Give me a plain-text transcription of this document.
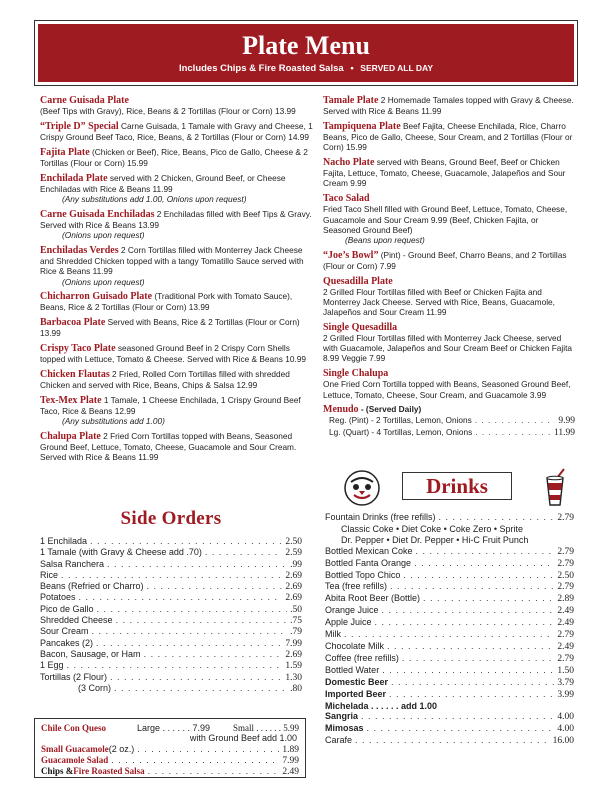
Plate Menu
Includes Chips & Fire Roasted Salsa • SERVED ALL DAY
Carne Guisada Plate
(Beef Tips with Gravy), Rice, Beans & 2 Tortillas (Flour or Corn) 13.99
“Triple D” Special Carne Guisada, 1 Tamale with Gravy and Cheese, 1 Crispy Ground Beef Taco, Rice, Beans, & 2 Tortillas (Flour or Corn) 14.99
Fajita Plate (Chicken or Beef), Rice, Beans, Pico de Gallo, Cheese & 2 Tortillas (Flour or Corn) 15.99
Enchilada Plate served with 2 Chicken, Ground Beef, or Cheese Enchiladas with Rice & Beans 11.99
(Any substitutions add 1.00, Onions upon request)
Carne Guisada Enchiladas 2 Enchiladas filled with Beef Tips & Gravy. Served with Rice & Beans 13.99
(Onions upon request)
Enchiladas Verdes 2 Corn Tortillas filled with Monterrey Jack Cheese and Shredded Chicken topped with a tangy Tomatillo Sauce served with Rice & Beans 11.99
(Onions upon request)
Chicharron Guisado Plate (Traditional Pork with Tomato Sauce), Beans, Rice & 2 Tortillas (Flour or Corn) 13.99
Barbacoa Plate Served with Beans, Rice & 2 Tortillas (Flour or Corn) 13.99
Crispy Taco Plate seasoned Ground Beef in 2 Crispy Corn Shells topped with Lettuce, Tomato & Cheese. Served with Rice & Beans 10.99
Chicken Flautas 2 Fried, Rolled Corn Tortillas filled with shredded Chicken and served with Rice, Beans, Chips & Salsa 12.99
Tex-Mex Plate 1 Tamale, 1 Cheese Enchilada, 1 Crispy Ground Beef Taco, Rice & Beans 12.99
(Any substitutions add 1.00)
Chalupa Plate 2 Fried Corn Tortillas topped with Beans, Seasoned Ground Beef, Lettuce, Tomato, Cheese, Guacamole and Sour Cream. Served with Rice & Beans 11.99
Tamale Plate 2 Homemade Tamales topped with Gravy & Cheese. Served with Rice & Beans 11.99
Tampiquena Plate Beef Fajita, Cheese Enchilada, Rice, Charro Beans, Pico de Gallo, Cheese, Sour Cream, and 2 Tortillas (Flour or Corn) 15.99
Nacho Plate served with Beans, Ground Beef, Beef or Chicken Fajita, Lettuce, Tomato, Cheese, Guacamole, Jalapeños and Sour Cream 9.99
Taco Salad
Fried Taco Shell filled with Ground Beef, Lettuce, Tomato, Cheese, Guacamole and Sour Cream 9.99 (Beef, Chicken Fajita, or Seasoned Ground Beef)
(Beans upon request)
“Joe’s Bowl” (Pint) - Ground Beef, Charro Beans, and 2 Tortillas (Flour or Corn) 7.99
Quesadilla Plate
2 Grilled Flour Tortillas filled with Beef or Chicken Fajita and Monterrey Jack Cheese. Served with Rice, Beans, Guacamole, Jalapeños and Sour Cream 11.99
Single Quesadilla
2 Grilled Flour Tortillas filled with Monterrey Jack Cheese, served with Guacamole, Jalapeños and Sour Cream Beef or Chicken Fajita 8.99 Veggie 7.99
Single Chalupa
One Fried Corn Tortilla topped with Beans, Seasoned Ground Beef, Lettuce, Tomato, Cheese, Sour Cream, and Guacamole 3.99
Menudo - (Served Daily)
Reg. (Pint) - 2 Tortillas, Lemon, Onions . . .	9.99
Lg. (Quart) - 4 Tortillas, Lemon, Onions . . .	11.99
Side Orders
1 Enchilada . . .	2.50
1 Tamale (with Gravy & Cheese add .70) . . .	2.59
Salsa Ranchera . . .	.99
Rice . . .	2.69
Beans (Refried or Charro) . . .	2.69
Potatoes . . .	2.69
Pico de Gallo . . .	.50
Shredded Cheese . . .	.75
Sour Cream . . .	.79
Pancakes (2) . . .	7.99
Bacon, Sausage, or Ham . . .	2.69
1 Egg . . .	1.59
Tortillas (2 Flour) . . .	1.30
(3 Corn) . . .	.80
Chile Con Queso	Large . . . . . . 7.99	Small . . . . . . 5.99
with Ground Beef add 1.00
Small Guacamole (2 oz.) . . .	1.89
Guacamole Salad . . .	7.99
Chips & Fire Roasted Salsa . . .	2.49
Drinks
Fountain Drinks (free refills) . . .	2.79
Classic Coke • Diet Coke • Coke Zero • Sprite
Dr. Pepper • Diet Dr. Pepper • Hi-C Fruit Punch
Bottled Mexican Coke . . .	2.79
Bottled Fanta Orange . . .	2.79
Bottled Topo Chico . . .	2.50
Tea (free refills) . . .	2.79
Abita Root Beer (Bottle) . . .	2.89
Orange Juice . . .	2.49
Apple Juice . . .	2.49
Milk . . .	2.79
Chocolate Milk . . .	2.49
Coffee (free refills) . . .	2.79
Bottled Water . . .	1.50
Domestic Beer . . .	3.79
Imported Beer . . .	3.99
Michelada . . . . . . add 1.00
Sangria . . .	4.00
Mimosas . . .	4.00
Carafe . . .	16.00
